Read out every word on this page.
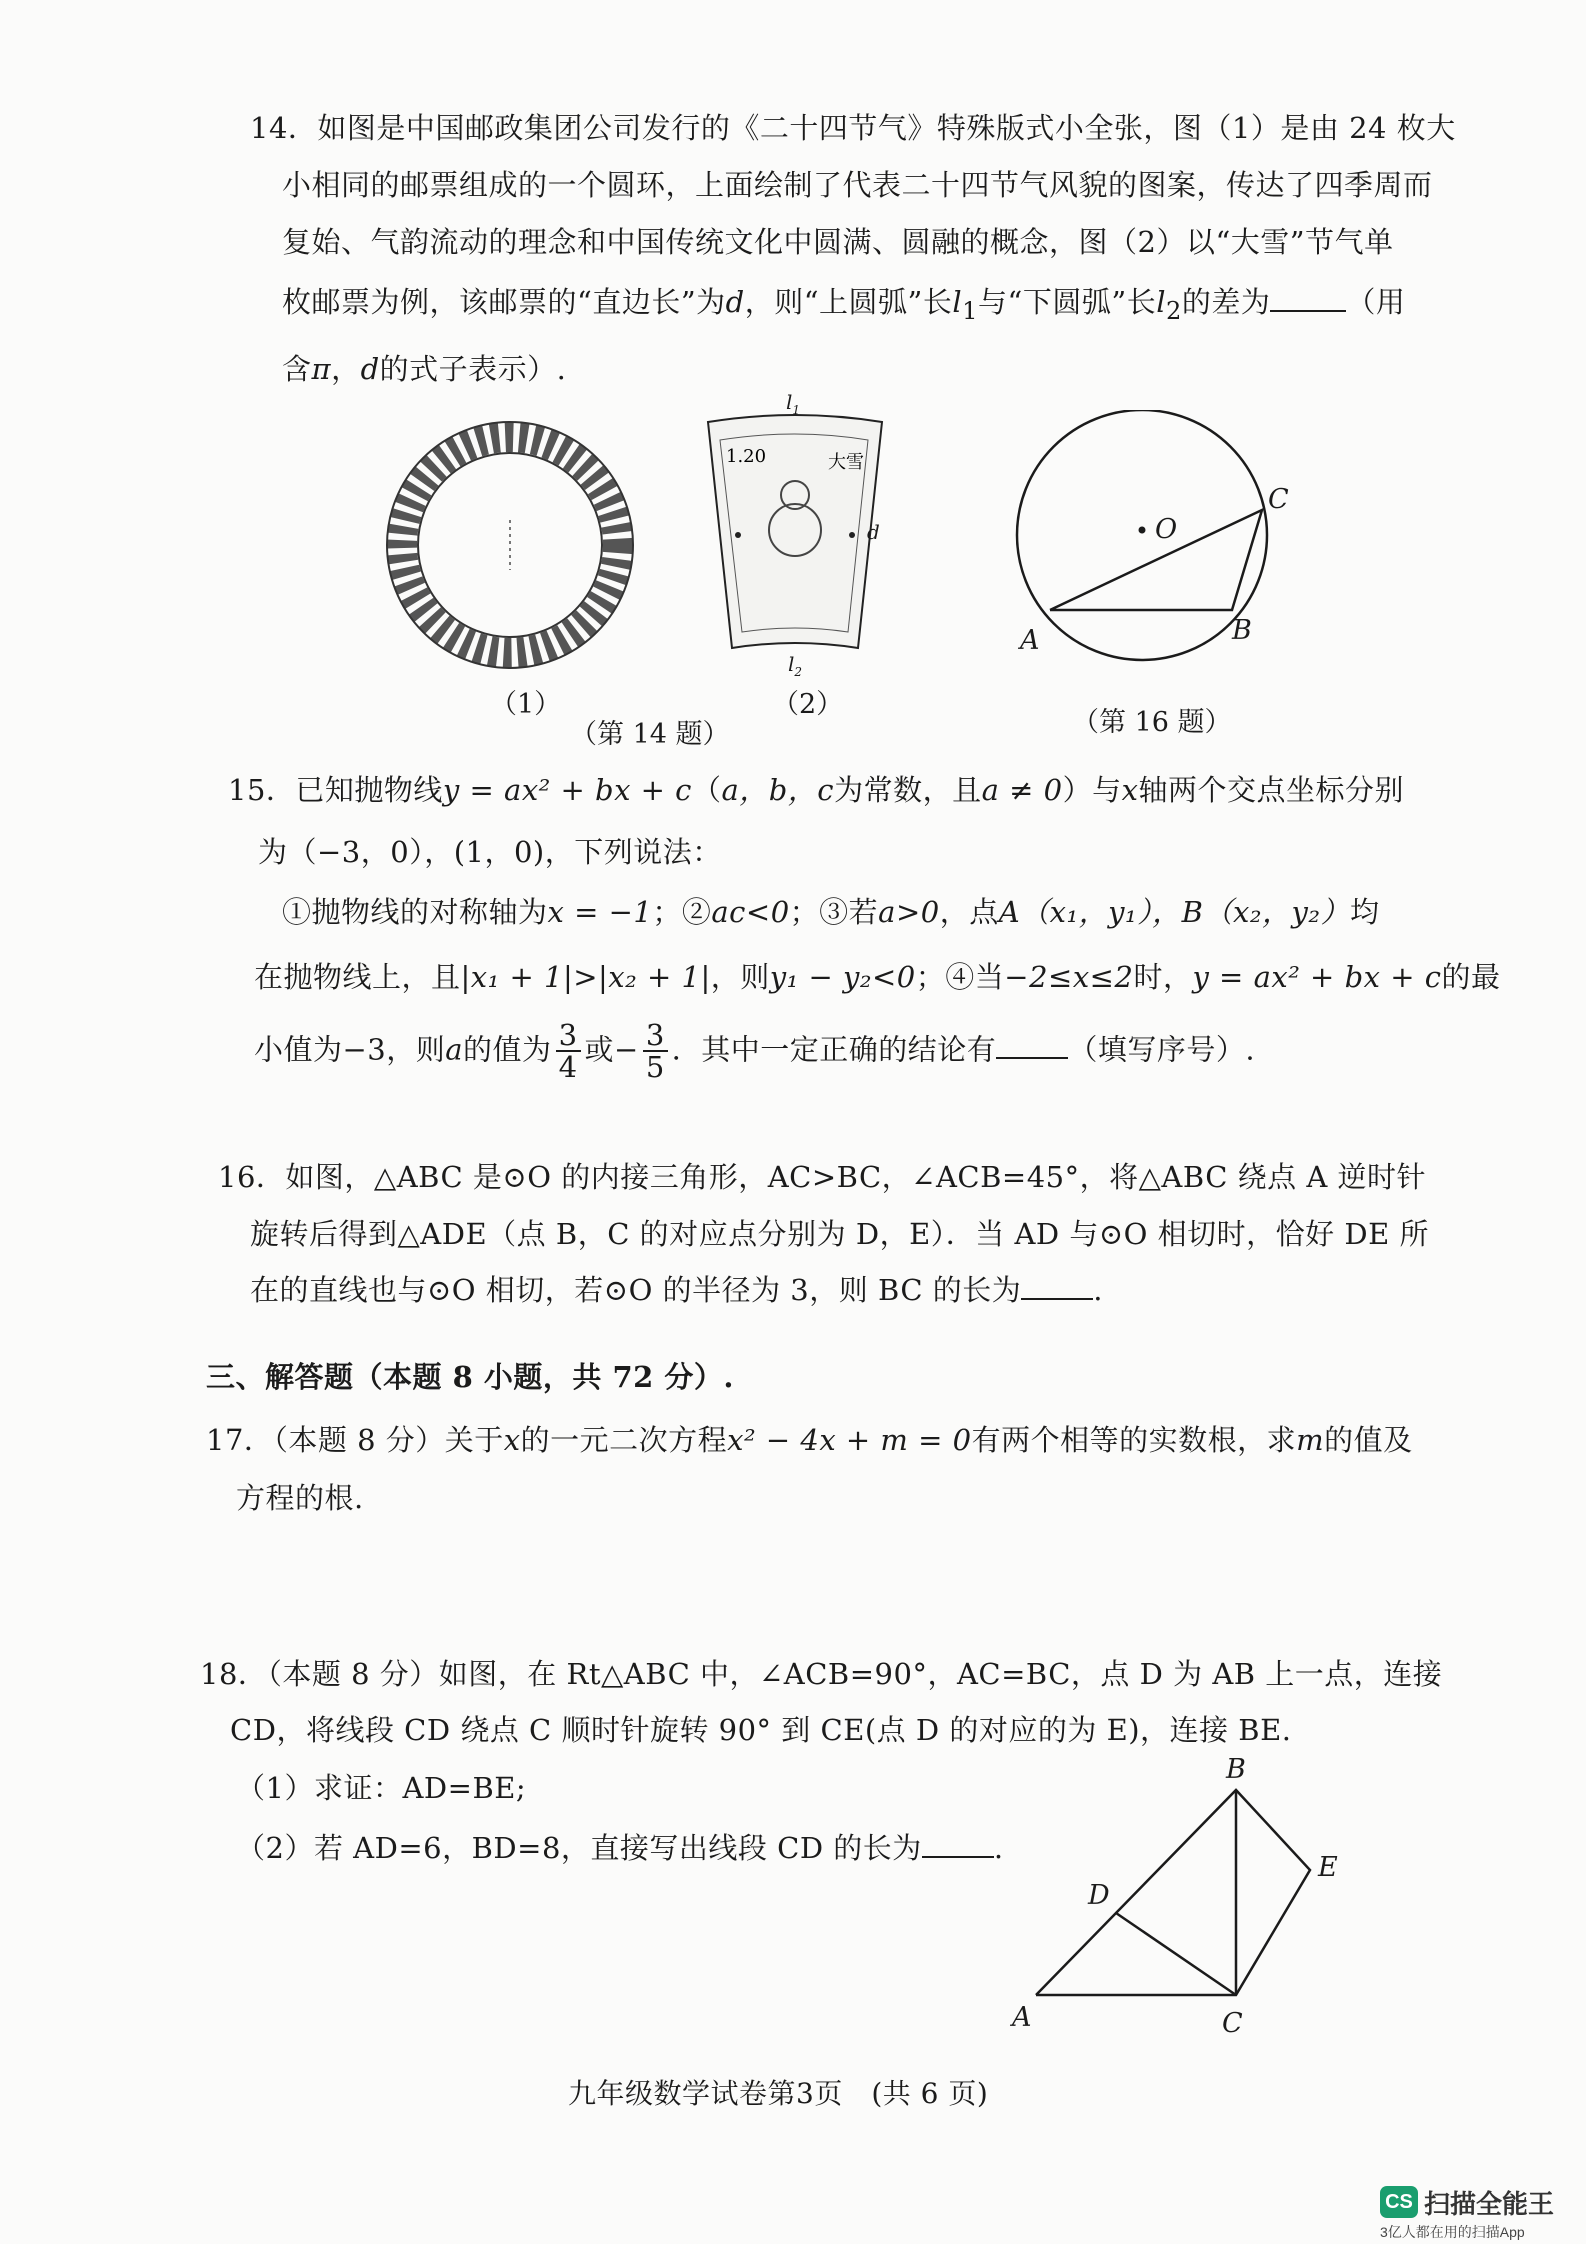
14．如图是中国邮政集团公司发行的《二十四节气》特殊版式小全张，图（1）是由 24 枚大
小相同的邮票组成的一个圆环，上面绘制了代表二十四节气风貌的图案，传达了四季周而
复始、气韵流动的理念和中国传统文化中圆满、圆融的概念，图（2）以“大雪”节气单
枚邮票为例，该邮票的“直边长”为d，则“上圆弧”长$l_1$与“下圆弧”长$l_2$的差为	（用
含π，d的式子表示）.
（1）
1.20	大雪
$l_1$
d
$l_2$
（2）
（第 14 题）
O
C
A	B
（第 16 题）
15．已知抛物线y = ax² + bx + c（a，b，c为常数，且a ≠ 0）与x轴两个交点坐标分别
为（−3，0），(1，0)，下列说法：
①抛物线的对称轴为x = −1；②ac<0；③若a>0，点A（x₁，y₁），B（x₂，y₂）均
在抛物线上，且|x₁ + 1|>|x₂ + 1|，则y₁ − y₂<0；④当−2≤x≤2时，y = ax² + bx + c的最
小值为−3，则a的值为 $\frac{3}{4}$ 或− $\frac{3}{5}$ ．其中一定正确的结论有 （填写序号）.
16．如图，△ABC 是⊙O 的内接三角形，AC>BC，∠ACB=45°，将△ABC 绕点 A 逆时针
旋转后得到△ADE（点 B，C 的对应点分别为 D，E）．当 AD 与⊙O 相切时，恰好 DE 所
在的直线也与⊙O 相切，若⊙O 的半径为 3，则 BC 的长为 .
三、解答题（本题 8 小题，共 72 分）.
17．（本题 8 分）关于x的一元二次方程x² − 4x + m = 0有两个相等的实数根，求m的值及
方程的根.
18．（本题 8 分）如图，在 Rt△ABC 中，∠ACB=90°，AC=BC，点 D 为 AB 上一点，连接
CD，将线段 CD 绕点 C 顺时针旋转 90° 到 CE(点 D 的对应的为 E)，连接 BE.
（1）求证：AD=BE;
（2）若 AD=6，BD=8，直接写出线段 CD 的长为 .
B
E
D
A	C
九年级数学试卷第3页　(共 6 页)
CS 扫描全能王
3亿人都在用的扫描App
